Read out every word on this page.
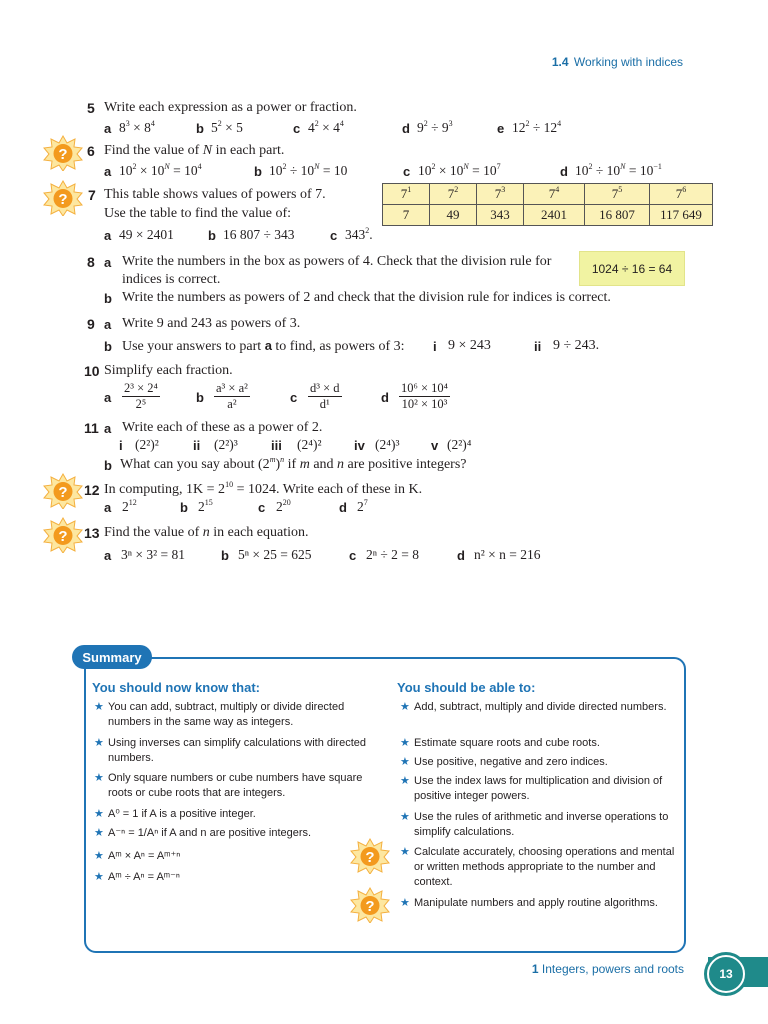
1.4 Working with indices
5 Write each expression as a power or fraction.
a $8^3 \times 8^4$	b $5^2 \times 5$	c $4^2 \times 4^4$	d $9^2 \div 9^3$	e $12^2 \div 12^4$
6 Find the value of N in each part.
a $10^2 \times 10^N = 10^4$	b $10^2 \div 10^N = 10$	c $10^2 \times 10^N = 10^7$	d $10^2 \div 10^N = 10^{-1}$
7 This table shows values of powers of 7.
Use the table to find the value of:
$7^1$	$7^2$	$7^3$	$7^4$	$7^5$	$7^6$
7	49	343	2401	16 807	117 649
a 49 × 2401	b 16 807 ÷ 343	c $343^2$.
8 a Write the numbers in the box as powers of 4. Check that the division rule for
indices is correct.
b Write the numbers as powers of 2 and check that the division rule for indices is correct.
1024 ÷ 16 = 64
9 a Write 9 and 243 as powers of 3.
b Use your answers to part a to find, as powers of 3: i 9 × 243	ii 9 ÷ 243.
10 Simplify each fraction.
a $\frac{\text{2³ × 2⁴}}{\text{2⁵}}$	b $\frac{\text{a³ × a²}}{\text{a²}}$	c $\frac{\text{d³ × d}}{\text{d¹}}$	d $\frac{\text{10⁶ × 10⁴}}{\text{10² × 10³}}$
11 a Write each of these as a power of 2.
i (2²)²	ii (2²)³	iii (2⁴)²	iv (2⁴)³ v (2²)⁴
b What can you say about $(2^m)^n$ if m and n are positive integers?
12 In computing, $1K = 2^{10} = 1024$. Write each of these in K.
a $2^{12}$	b $2^{15}$	c $2^{20}$	d $2^7$
13 Find the value of n in each equation.
a 3ⁿ × 3² = 81	b 5ⁿ × 25 = 625	c 2ⁿ ÷ 2 = 8	d n² × n = 216
Summary
You should now know that:	You should be able to:
★ You can add, subtract, multiply or divide directed numbers in the same way as integers.
★ Using inverses can simplify calculations with directed numbers.
★ Only square numbers or cube numbers have square roots or cube roots that are integers.
★ A⁰ = 1 if A is a positive integer.
★ A⁻ⁿ = 1/Aⁿ if A and n are positive integers.
★ Aᵐ × Aⁿ = Aᵐ⁺ⁿ
★ Aᵐ ÷ Aⁿ = Aᵐ⁻ⁿ
★ Add, subtract, multiply and divide directed numbers.
★ Estimate square roots and cube roots.
★ Use positive, negative and zero indices.
★ Use the index laws for multiplication and division of positive integer powers.
★ Use the rules of arithmetic and inverse operations to simplify calculations.
★ Calculate accurately, choosing operations and mental or written methods appropriate to the number and context.
★ Manipulate numbers and apply routine algorithms.
1 Integers, powers and roots	13
